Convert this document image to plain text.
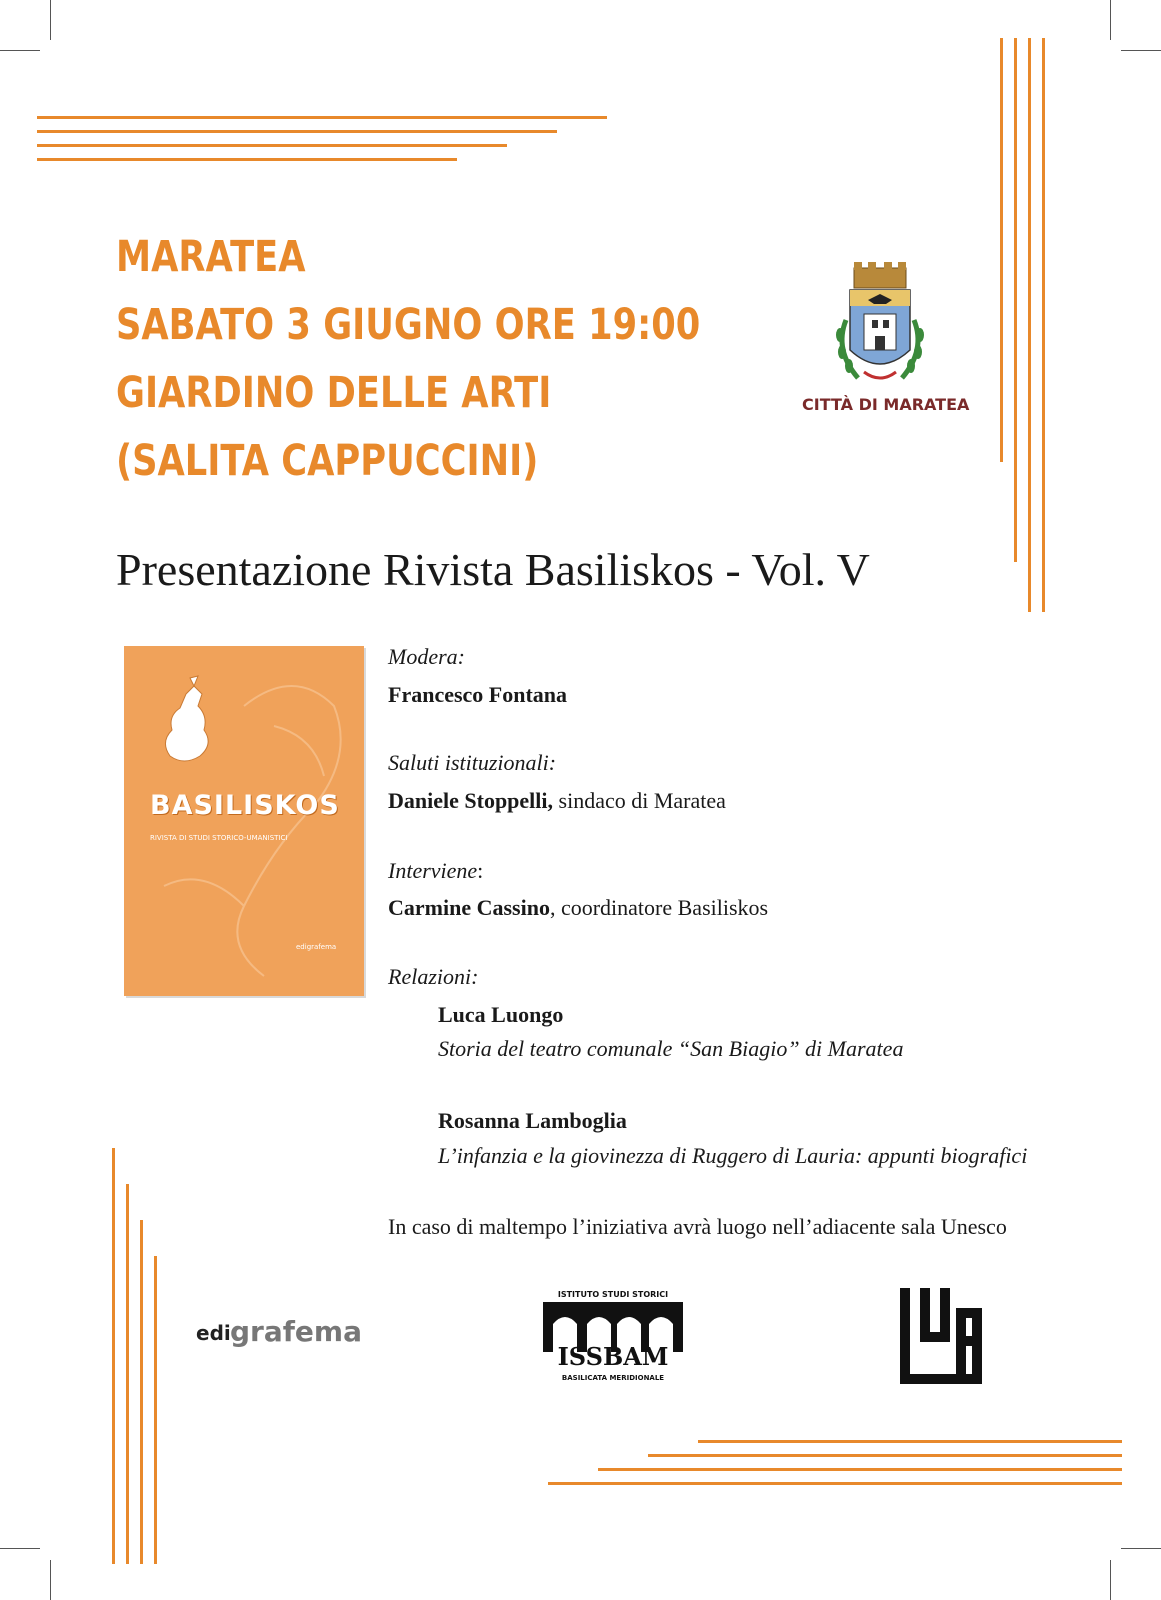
MARATEA
SABATO 3 GIUGNO ORE 19:00
GIARDINO DELLE ARTI
(SALITA CAPPUCCINI)
CITTÀ DI MARATEA
Presentazione Rivista Basiliskos - Vol. V
BASILISKOS
RIVISTA DI STUDI STORICO-UMANISTICI
edigrafema
Modera:
Francesco Fontana
Saluti istituzionali:
Daniele Stoppelli, sindaco di Maratea
Interviene:
Carmine Cassino, coordinatore Basiliskos
Relazioni:
Luca Luongo
Storia del teatro comunale “San Biagio” di Maratea
Rosanna Lamboglia
L’infanzia e la giovinezza di Ruggero di Lauria: appunti biografici
In caso di maltempo l’iniziativa avrà luogo nell’adiacente sala Unesco
edi grafema
ISTITUTO STUDI STORICI
ISSBAM
BASILICATA MERIDIONALE
